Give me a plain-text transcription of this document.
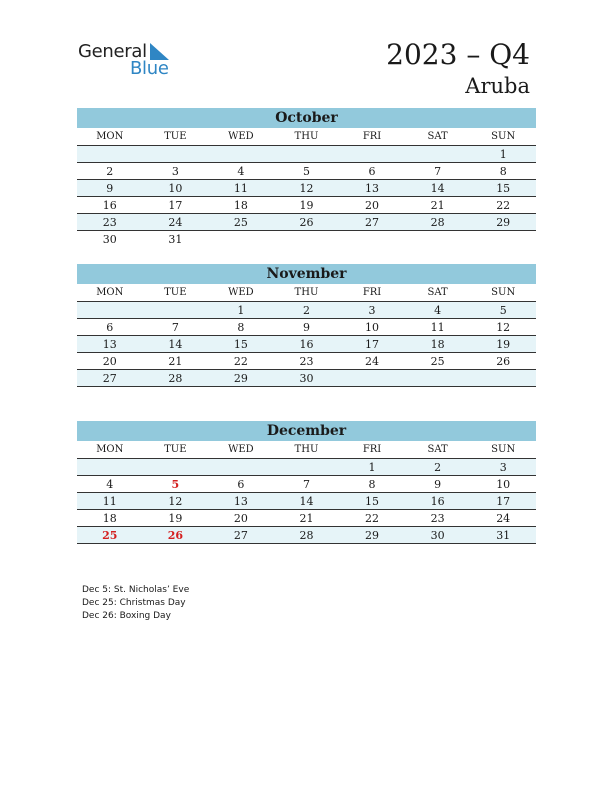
General
Blue	2023 – Q4
Aruba
October
MON	TUE	WED	THU	FRI	SAT	SUN
						1
2	3	4	5	6	7	8
9	10	11	12	13	14	15
16	17	18	19	20	21	22
23	24	25	26	27	28	29
30	31					
November
MON	TUE	WED	THU	FRI	SAT	SUN
		1	2	3	4	5
6	7	8	9	10	11	12
13	14	15	16	17	18	19
20	21	22	23	24	25	26
27	28	29	30			
December
MON	TUE	WED	THU	FRI	SAT	SUN
				1	2	3
4	5	6	7	8	9	10
11	12	13	14	15	16	17
18	19	20	21	22	23	24
25	26	27	28	29	30	31
Dec 5: St. Nicholas’ Eve
Dec 25: Christmas Day
Dec 26: Boxing Day
